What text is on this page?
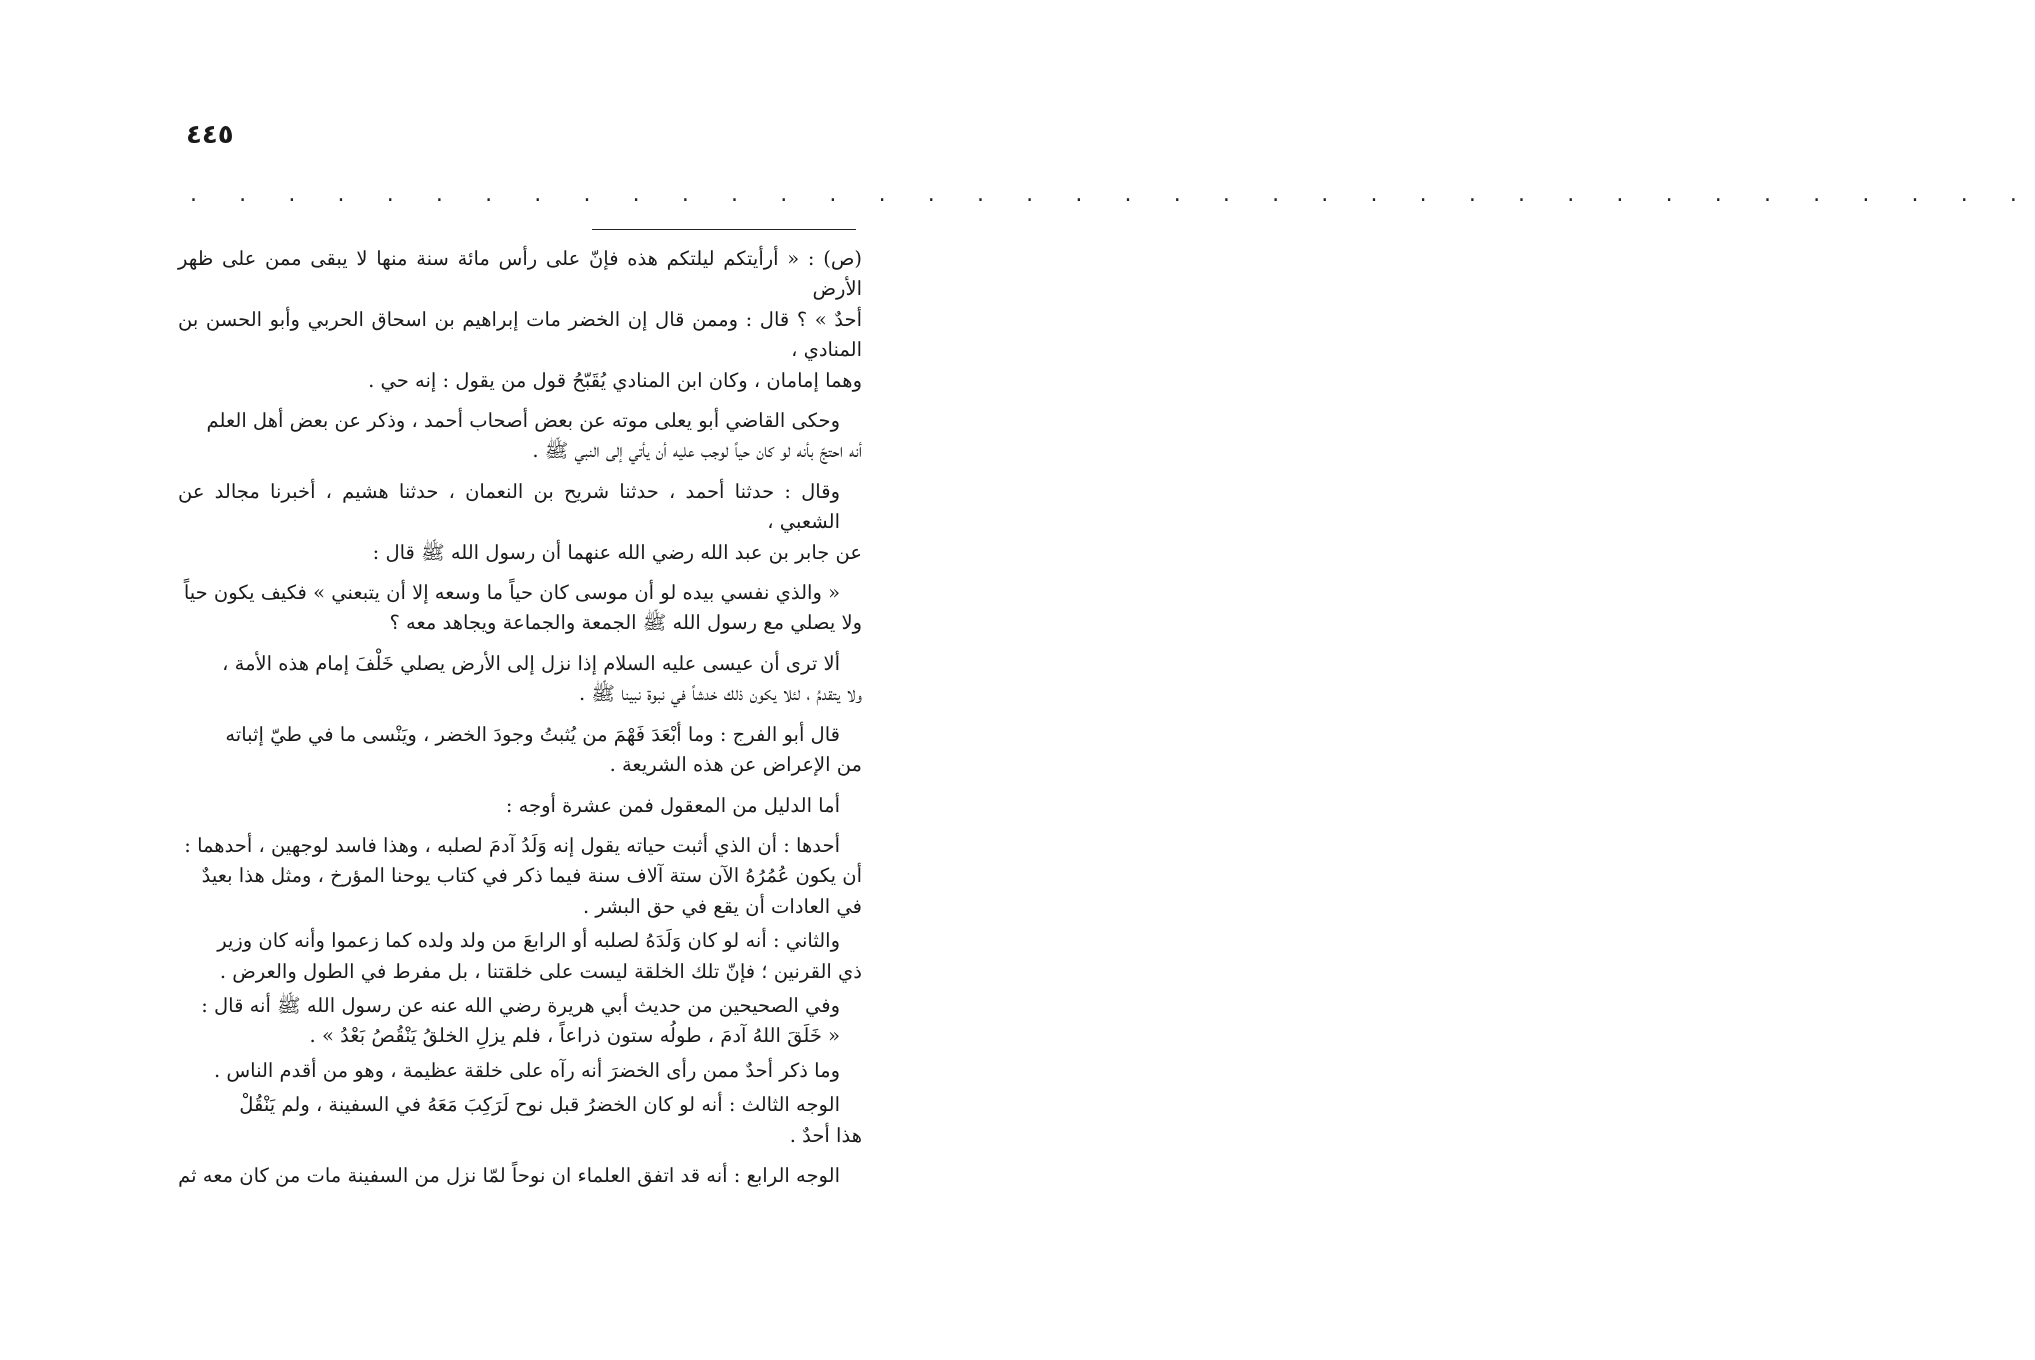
٤٤٥
. . . . . . . . . . . . . . . . . . . . . . . . . . . . . . . . . . . . . .
(ص) : « أرأيتكم ليلتكم هذه فإنّ على رأس مائة سنة منها لا يبقى ممن على ظهر الأرض
أحدٌ » ؟ قال : وممن قال إن الخضر مات إبراهيم بن اسحاق الحربي وأبو الحسن بن المنادي ،
وهما إمامان ، وكان ابن المنادي يُقَبّحُ قول من يقول : إنه حي .
وحكى القاضي أبو يعلى موته عن بعض أصحاب أحمد ، وذكر عن بعض أهل العلم
أنه احتجّ بأنه لو كان حياً لوجب عليه أن يأتي إلى النبي ﷺ .
وقال : حدثنا أحمد ، حدثنا شريح بن النعمان ، حدثنا هشيم ، أخبرنا مجالد عن الشعبي ،
عن جابر بن عبد الله رضي الله عنهما أن رسول الله ﷺ قال :
« والذي نفسي بيده لو أن موسى كان حياً ما وسعه إلا أن يتبعني » فكيف يكون حياً
ولا يصلي مع رسول الله ﷺ الجمعة والجماعة ويجاهد معه ؟
ألا ترى أن عيسى عليه السلام إذا نزل إلى الأرض يصلي خَلْفَ إمام هذه الأمة ،
ولا يتقدمُ ، لئلا يكون ذلك خدشاً في نبوة نبينا ﷺ .
قال أبو الفرج : وما أبْعَدَ فَهْمَ من يُثبتُ وجودَ الخضر ، ويَنْسى ما في طيّ إثباته
من الإعراض عن هذه الشريعة .
أما الدليل من المعقول فمن عشرة أوجه :
أحدها : أن الذي أثبت حياته يقول إنه وَلَدُ آدمَ لصلبه ، وهذا فاسد لوجهين ، أحدهما :
أن يكون عُمُرُهُ الآن ستة آلاف سنة فيما ذكر في كتاب يوحنا المؤرخ ، ومثل هذا بعيدٌ
في العادات أن يقع في حق البشر .
والثاني : أنه لو كان وَلَدَهُ لصلبه أو الرابعَ من ولد ولده كما زعموا وأنه كان وزير
ذي القرنين ؛ فإنّ تلك الخلقة ليست على خلقتنا ، بل مفرط في الطول والعرض .
وفي الصحيحين من حديث أبي هريرة رضي الله عنه عن رسول الله ﷺ أنه قال :
« خَلَقَ اللهُ آدمَ ، طولُه ستون ذراعاً ، فلم يزلِ الخلقُ يَنْقُصُ بَعْدُ » .
وما ذكر أحدٌ ممن رأى الخضرَ أنه رآه على خلقة عظيمة ، وهو من أقدم الناس .
الوجه الثالث : أنه لو كان الخضرُ قبل نوح لَرَكِبَ مَعَهُ في السفينة ، ولم يَنْقُلْ
هذا أحدٌ .
الوجه الرابع : أنه قد اتفق العلماء ان نوحاً لمّا نزل من السفينة مات من كان معه ثم
